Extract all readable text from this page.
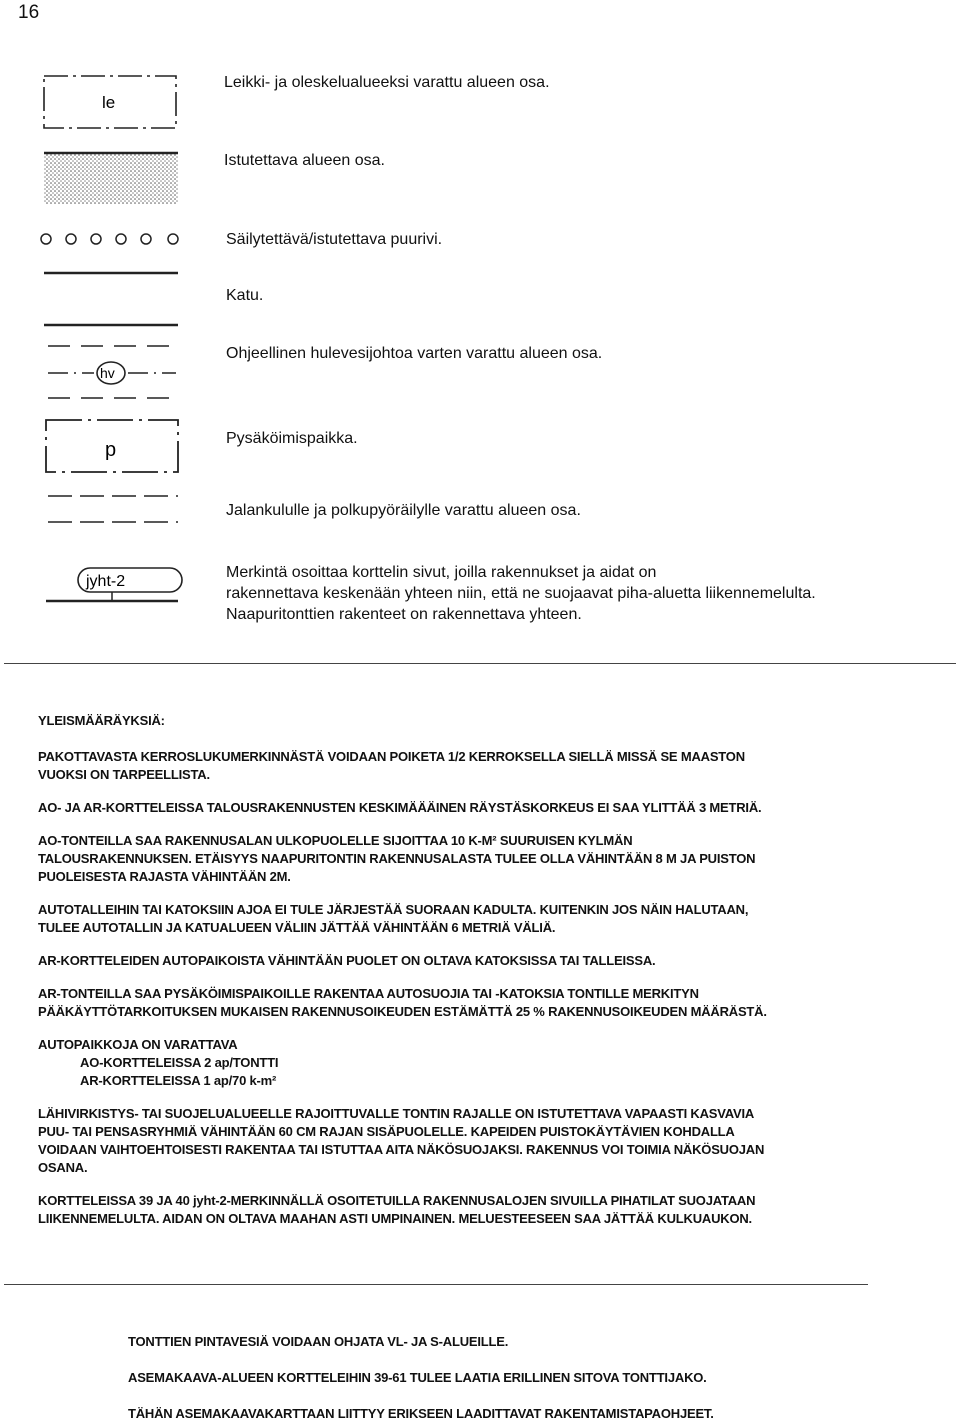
16
le
hv
p
jyht-2
Leikki- ja oleskelualueeksi varattu alueen osa.
Istutettava alueen osa.
Säilytettävä/istutettava puurivi.
Katu.
Ohjeellinen hulevesijohtoa varten varattu alueen osa.
Pysäköimispaikka.
Jalankululle ja polkupyöräilylle varattu alueen osa.
Merkintä osoittaa korttelin sivut, joilla rakennukset ja aidat on
rakennettava keskenään yhteen niin, että ne suojaavat piha-aluetta liikennemelulta.
Naapuritonttien rakenteet on rakennettava yhteen.

YLEISMÄÄRÄYKSIÄ:

PAKOTTAVASTA KERROSLUKUMERKINNÄSTÄ VOIDAAN POIKETA 1/2 KERROKSELLA SIELLÄ MISSÄ SE MAASTON

VUOKSI ON TARPEELLISTA.

AO- JA AR-KORTTELEISSA TALOUSRAKENNUSTEN KESKIMÄÄÄINEN RÄYSTÄSKORKEUS EI SAA YLITTÄÄ 3 METRIÄ.

AO-TONTEILLA SAA RAKENNUSALAN ULKOPUOLELLE SIJOITTAA 10 K-M² SUURUISEN KYLMÄN

TALOUSRAKENNUKSEN. ETÄISYYS NAAPURITONTIN RAKENNUSALASTA TULEE OLLA VÄHINTÄÄN 8 M JA PUISTON

PUOLEISESTA RAJASTA VÄHINTÄÄN 2M.

AUTOTALLEIHIN TAI KATOKSIIN AJOA EI TULE JÄRJESTÄÄ SUORAAN KADULTA. KUITENKIN JOS NÄIN HALUTAAN,

TULEE AUTOTALLIN JA KATUALUEEN VÄLIIN JÄTTÄÄ VÄHINTÄÄN 6 METRIÄ VÄLIÄ.

AR-KORTTELEIDEN AUTOPAIKOISTA VÄHINTÄÄN PUOLET ON OLTAVA KATOKSISSA TAI TALLEISSA.

AR-TONTEILLA SAA PYSÄKÖIMISPAIKOILLE RAKENTAA AUTOSUOJIA TAI -KATOKSIA TONTILLE MERKITYN

PÄÄKÄYTTÖTARKOITUKSEN MUKAISEN RAKENNUSOIKEUDEN ESTÄMÄTTÄ 25 % RAKENNUSOIKEUDEN MÄÄRÄSTÄ.

AUTOPAIKKOJA ON VARATTAVA

AO-KORTTELEISSA 2 ap/TONTTI

AR-KORTTELEISSA 1 ap/70 k-m²

LÄHIVIRKISTYS- TAI SUOJELUALUEELLE RAJOITTUVALLE TONTIN RAJALLE ON ISTUTETTAVA VAPAASTI KASVAVIA

PUU- TAI PENSASRYHMIÄ VÄHINTÄÄN 60 CM RAJAN SISÄPUOLELLE. KAPEIDEN PUISTOKÄYTÄVIEN KOHDALLA

VOIDAAN VAIHTOEHTOISESTI RAKENTAA TAI ISTUTTAA AITA NÄKÖSUOJAKSI. RAKENNUS VOI TOIMIA NÄKÖSUOJAN

OSANA.

KORTTELEISSA 39 JA 40 jyht-2-MERKINNÄLLÄ OSOITETUILLA RAKENNUSALOJEN SIVUILLA PIHATILAT SUOJATAAN

LIIKENNEMELULTA. AIDAN ON OLTAVA MAAHAN ASTI UMPINAINEN. MELUESTEESEEN SAA JÄTTÄÄ KULKUAUKON.

TONTTIEN PINTAVESIÄ VOIDAAN OHJATA VL- JA S-ALUEILLE.
ASEMAKAAVA-ALUEEN KORTTELEIHIN 39-61 TULEE LAATIA ERILLINEN SITOVA TONTTIJAKO.
TÄHÄN ASEMAKAAVAKARTTAAN LIITTYY ERIKSEEN LAADITTAVAT RAKENTAMISTAPAOHJEET.
